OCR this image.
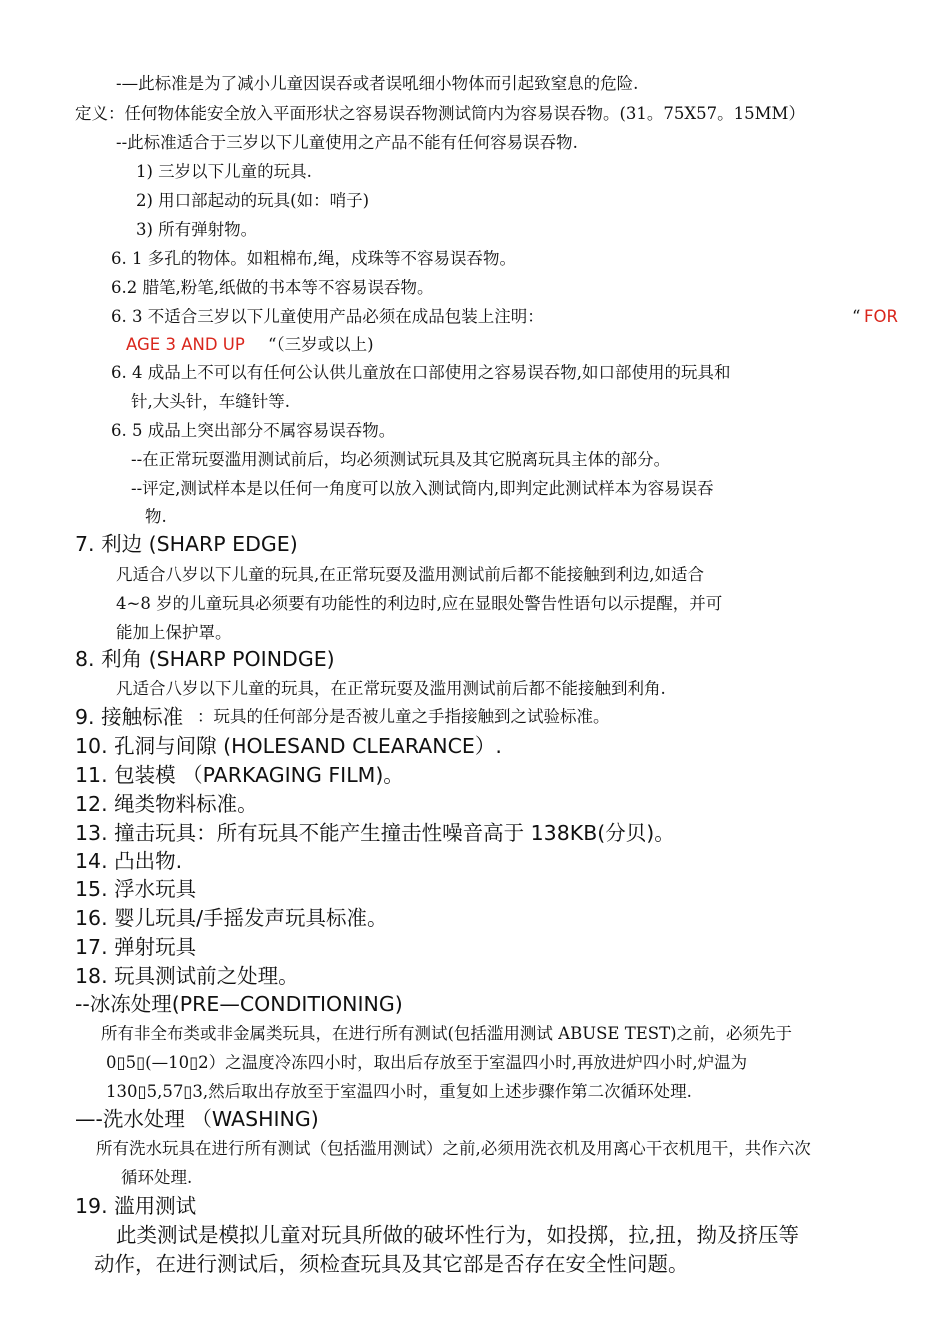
-—此标准是为了减小儿童因误吞或者误吼细小物体而引起致窒息的危险.
定义：任何物体能安全放入平面形状之容易误吞物测试筒内为容易误吞物。(31。75X57。15MM）
--此标准适合于三岁以下儿童使用之产品不能有任何容易误吞物.
1) 三岁以下儿童的玩具.
2) 用口部起动的玩具(如：哨子)
3) 所有弹射物。
6. 1 多孔的物体。如粗棉布,绳，戍珠等不容易误吞物。
6.2 腊笔,粉笔,纸做的书本等不容易误吞物。
6. 3 不适合三岁以下儿童使用产品必须在成品包装上注明：	“ FOR
AGE 3 AND UP “（三岁或以上)
6. 4 成品上不可以有任何公认供儿童放在口部使用之容易误吞物,如口部使用的玩具和
针,大头针，车缝针等.
6. 5 成品上突出部分不属容易误吞物。
--在正常玩耍滥用测试前后，均必须测试玩具及其它脱离玩具主体的部分。
--评定,测试样本是以任何一角度可以放入测试筒内,即判定此测试样本为容易误吞
物.
7. 利边 (SHARP EDGE)
凡适合八岁以下儿童的玩具,在正常玩耍及滥用测试前后都不能接触到利边,如适合
4~8 岁的儿童玩具必须要有功能性的利边时,应在显眼处警告性语句以示提醒，并可
能加上保护罩。
8. 利角 (SHARP POINDGE)
凡适合八岁以下儿童的玩具，在正常玩耍及滥用测试前后都不能接触到利角.
9. 接触标准 ：玩具的任何部分是否被儿童之手指接触到之试验标准。
10. 孔洞与间隙 (HOLESAND CLEARANCE）.
11. 包装模 （PARKAGING FILM)。
12. 绳类物料标准。
13. 撞击玩具：所有玩具不能产生撞击性噪音高于 138KB(分贝)。
14. 凸出物.
15. 浮水玩具
16. 婴儿玩具/手摇发声玩具标准。
17. 弹射玩具
18. 玩具测试前之处理。
--冰冻处理(PRE—CONDITIONING)
所有非全布类或非金属类玩具，在进行所有测试(包括滥用测试 ABUSE TEST)之前，必须先于
0▯5▯(—10▯2）之温度冷冻四小时，取出后存放至于室温四小时,再放进炉四小时,炉温为
130▯5,57▯3,然后取出存放至于室温四小时，重复如上述步骤作第二次循环处理.
—-洗水处理 （WASHING)
所有洗水玩具在进行所有测试（包括滥用测试）之前,必须用洗衣机及用离心干衣机甩干，共作六次
循环处理.
19. 滥用测试
此类测试是模拟儿童对玩具所做的破坏性行为，如投掷，拉,扭，拗及挤压等
动作，在进行测试后，须检查玩具及其它部是否存在安全性问题。
